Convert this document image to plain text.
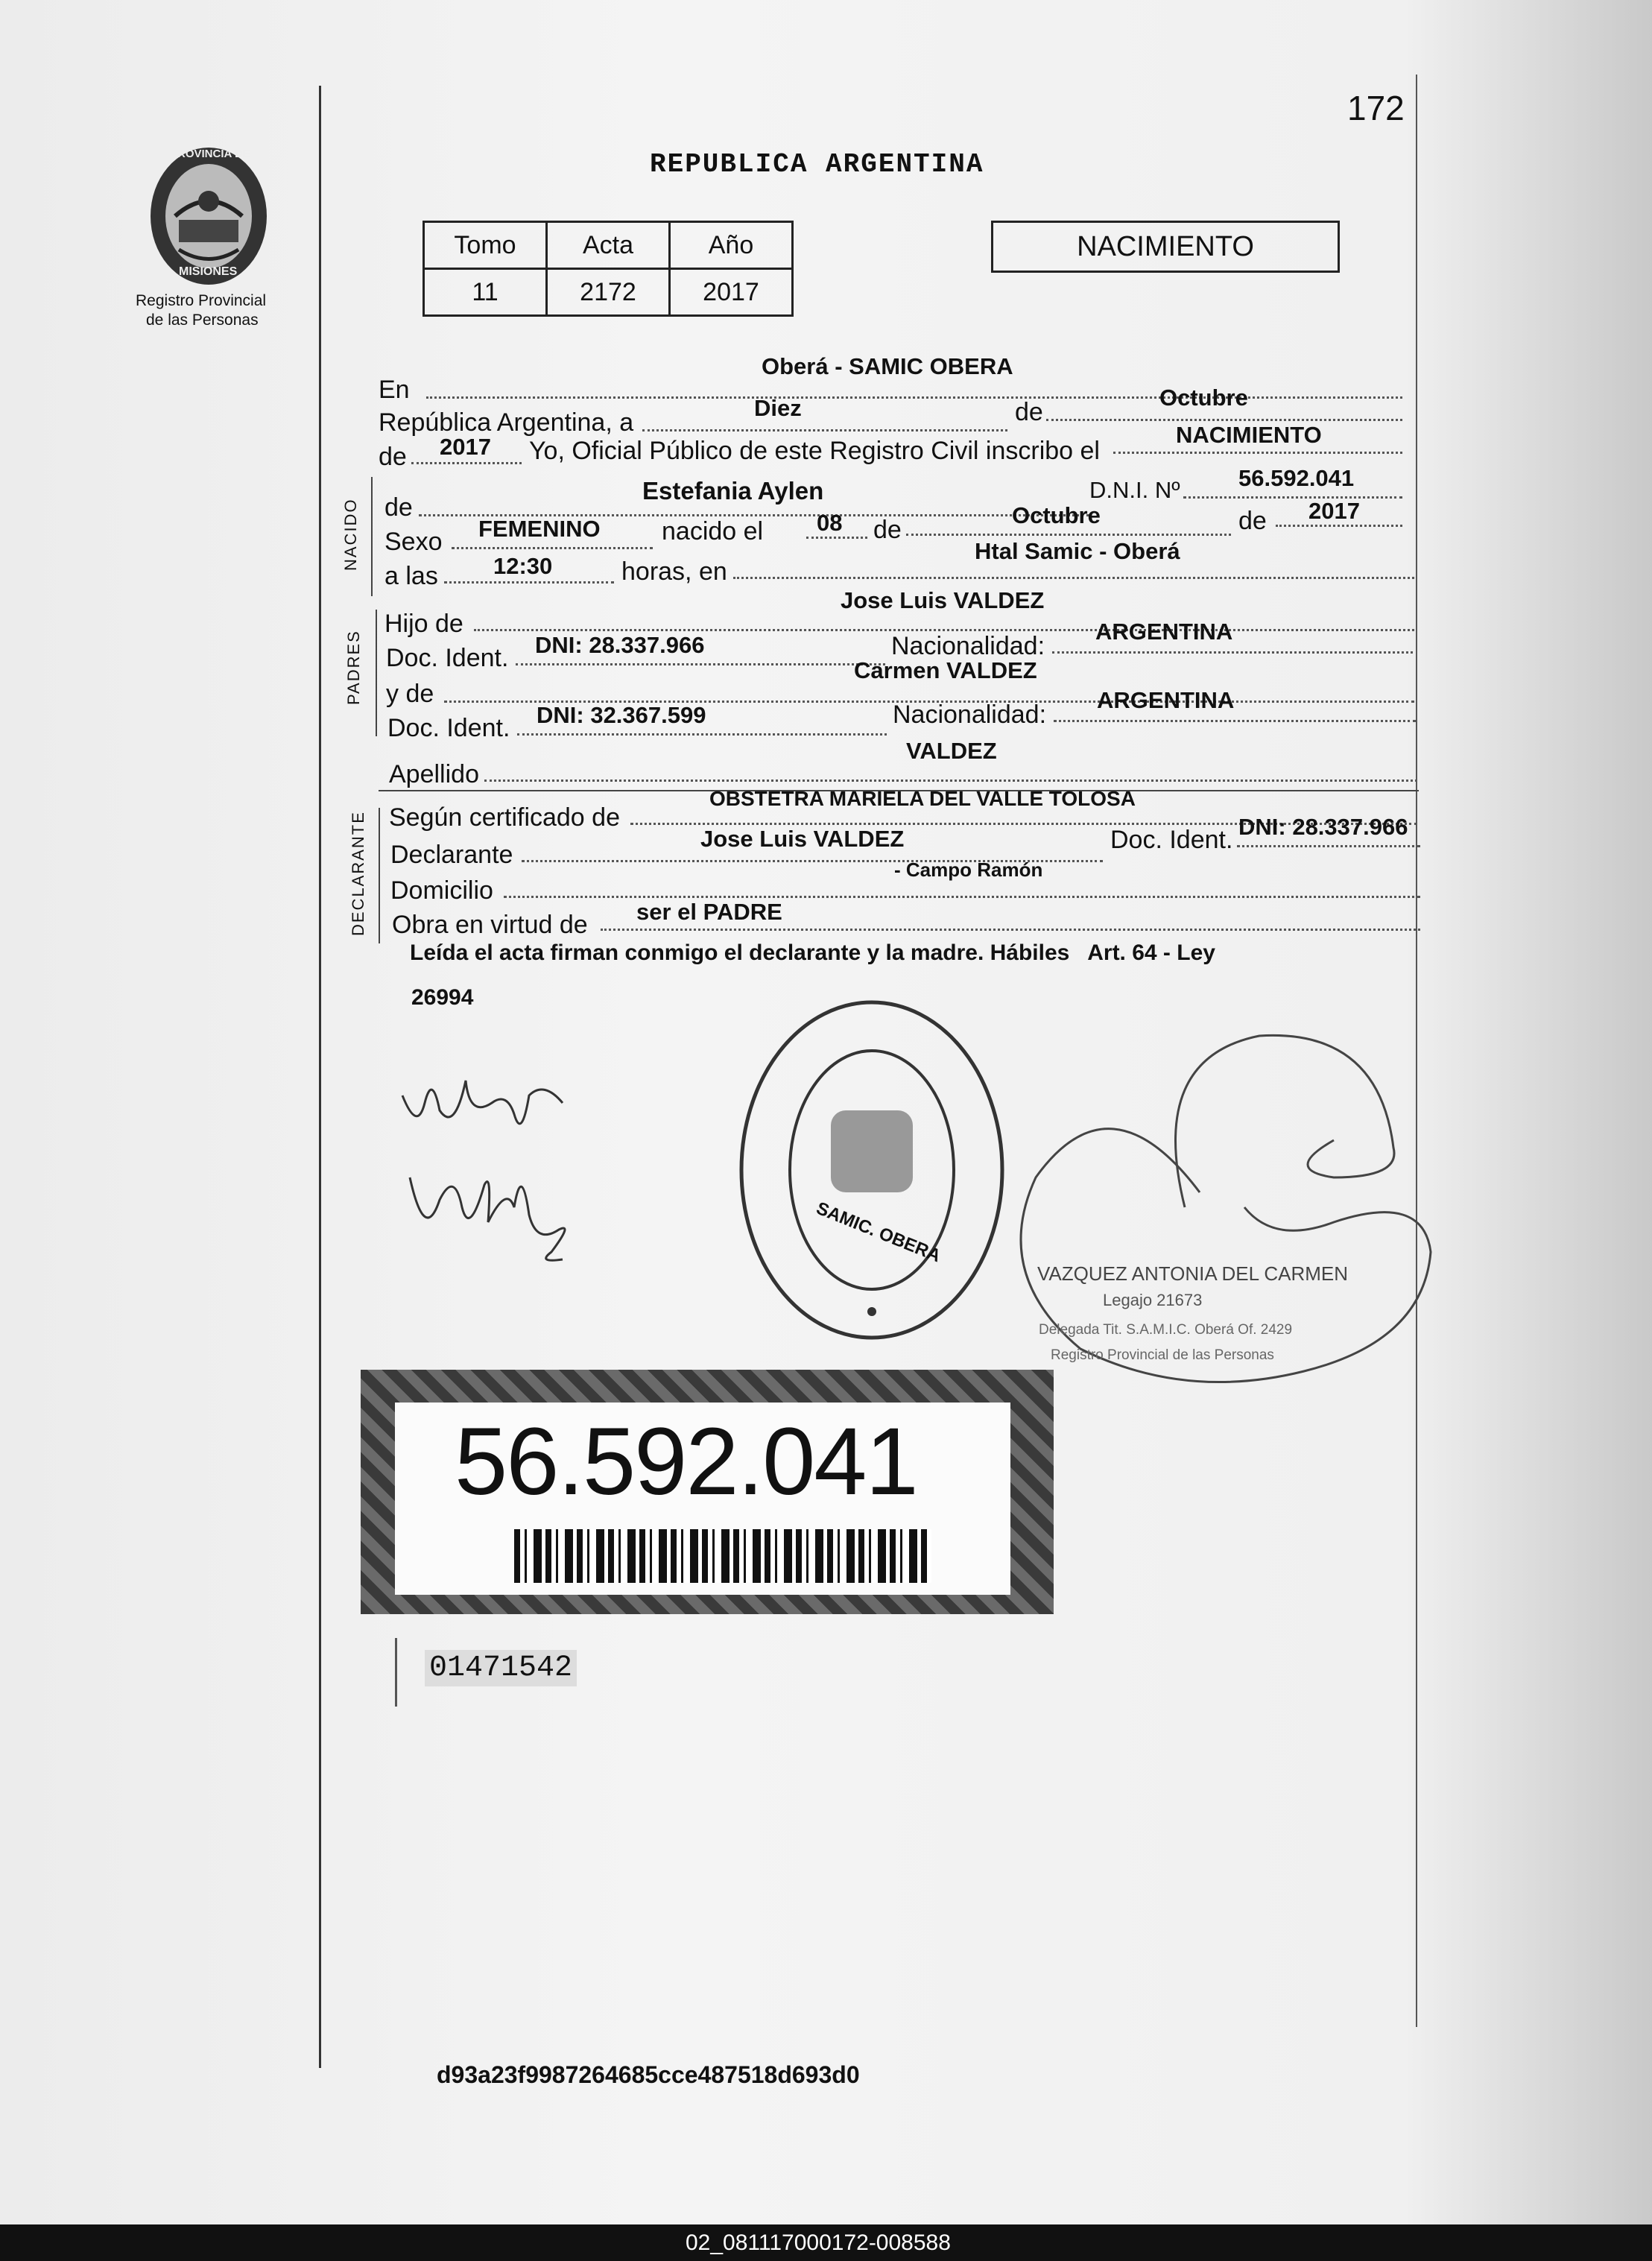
172
PROVINCIA DE
MISIONES
Registro Provincial
de las Personas
REPUBLICA ARGENTINA
Tomo	Acta	Año
11	2172	2017
NACIMIENTO
En
Oberá - SAMIC OBERA
República Argentina, a
Diez	de
Octubre
de 2017 Yo, Oficial Público de este Registro Civil inscribo el
NACIMIENTO
NACIDO de
Estefania Aylen	D.N.I. Nº	56.592.041
Sexo FEMENINO nacido el 08 de
Octubre	de 2017
a las 12:30	horas, en
Htal Samic - Oberá
PADRES
Hijo de
Jose Luis VALDEZ
Doc. Ident. DNI: 28.337.966	Nacionalidad:
ARGENTINA
y de
Carmen VALDEZ
Doc. Ident. DNI: 32.367.599	Nacionalidad:
ARGENTINA
Apellido
VALDEZ
DECLARANTE Según certificado de
OBSTETRA MARIELA DEL VALLE TOLOSA
Declarante
Jose Luis VALDEZ	Doc. Ident. DNI: 28.337.966
Domicilio
- Campo Ramón
Obra en virtud de ser el PADRE
Leída el acta firman conmigo el declarante y la madre. Hábiles   Art. 64 - Ley
26994
SAMIC. OBERA
VAZQUEZ ANTONIA DEL CARMEN
Legajo 21673
Delegada Tit. S.A.M.I.C. Oberá Of. 2429
Registro Provincial de las Personas
56.592.041
01471542
d93a23f9987264685cce487518d693d0
02_081117000172-008588
